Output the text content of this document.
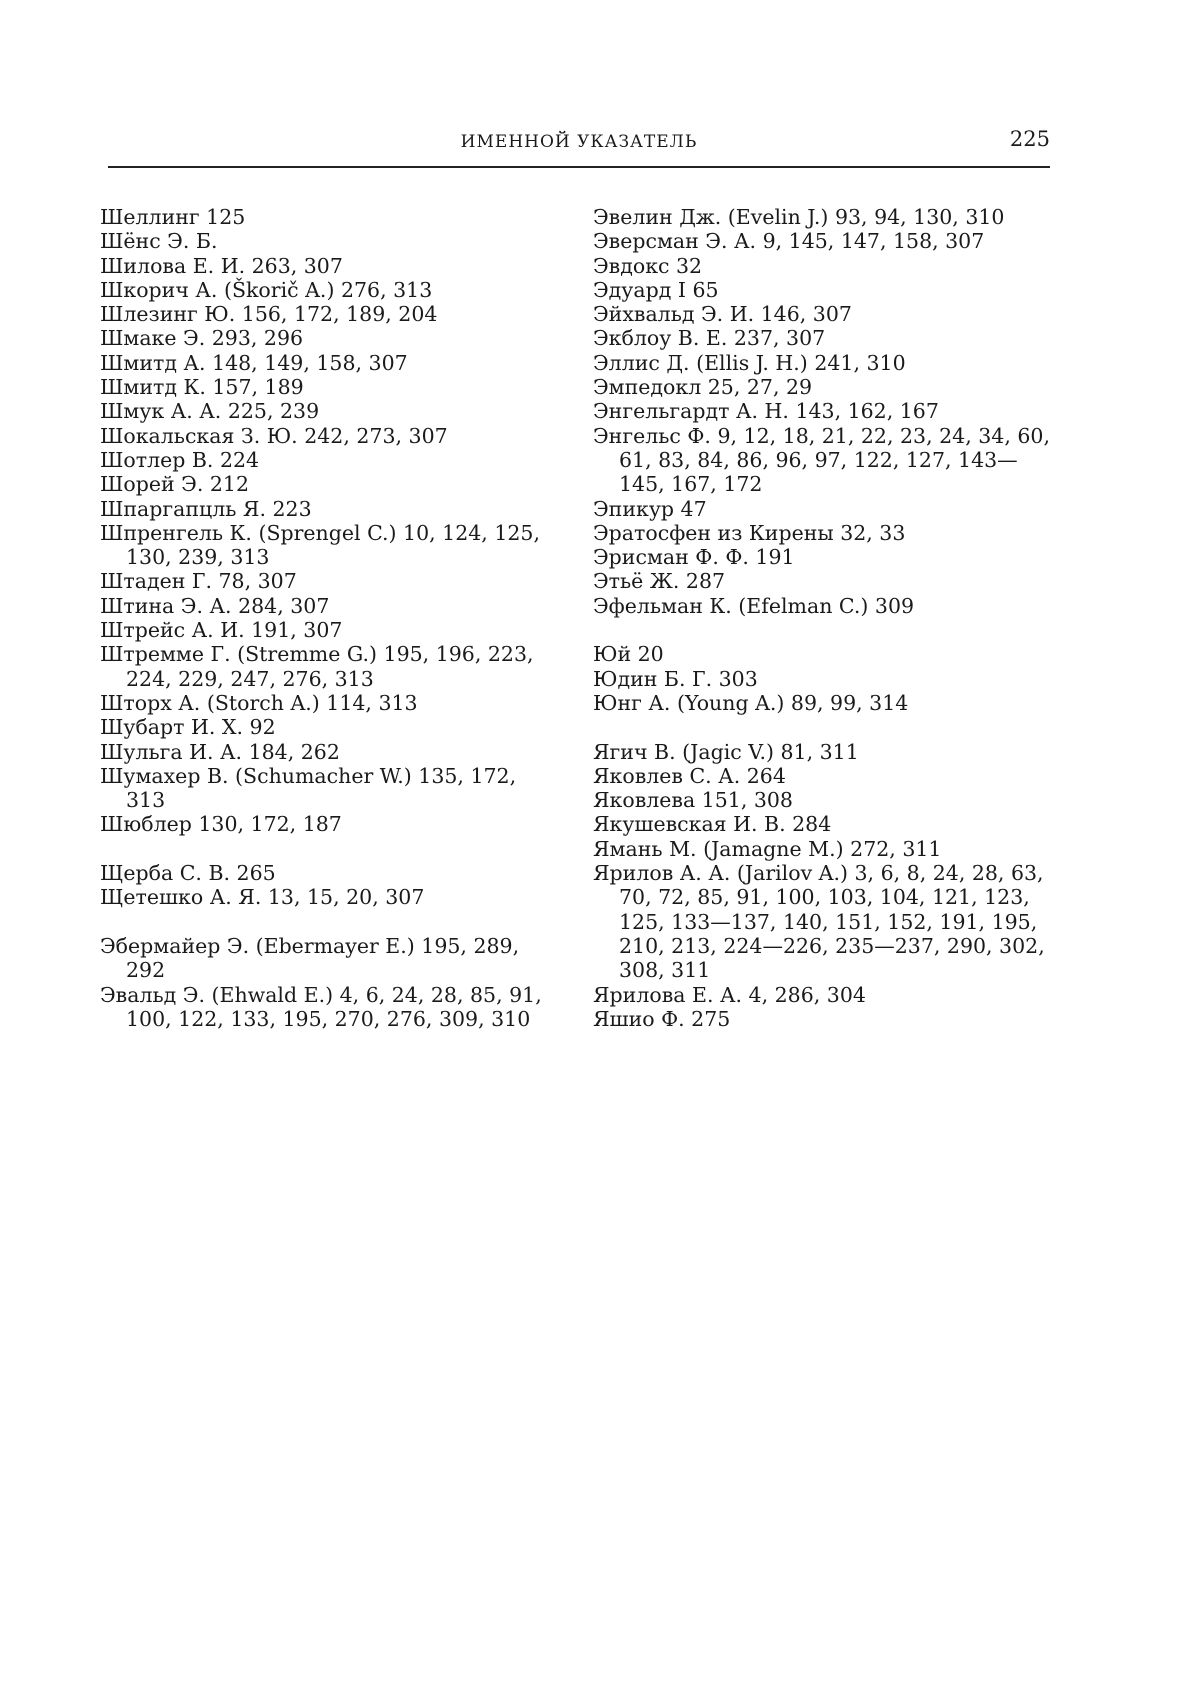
ИМЕННОЙ УКАЗАТЕЛЬ	225
Шеллинг 125
Шёнс Э. Б.
Шилова Е. И. 263, 307
Шкорич А. (Škorič A.) 276, 313
Шлезинг Ю. 156, 172, 189, 204
Шмаке Э. 293, 296
Шмитд А. 148, 149, 158, 307
Шмитд К. 157, 189
Шмук А. А. 225, 239
Шокальская З. Ю. 242, 273, 307
Шотлер В. 224
Шорей Э. 212
Шпаргапцль Я. 223
Шпренгель К. (Sprengel C.) 10, 124, 125, 130, 239, 313
Штаден Г. 78, 307
Штина Э. А. 284, 307
Штрейс А. И. 191, 307
Штремме Г. (Stremme G.) 195, 196, 223, 224, 229, 247, 276, 313
Шторх А. (Storch A.) 114, 313
Шубарт И. Х. 92
Шульга И. А. 184, 262
Шумахер В. (Schumacher W.) 135, 172, 313
Шюблер 130, 172, 187
Щерба С. В. 265
Щетешко А. Я. 13, 15, 20, 307
Эбермайер Э. (Ebermayer E.) 195, 289, 292
Эвальд Э. (Ehwald E.) 4, 6, 24, 28, 85, 91, 100, 122, 133, 195, 270, 276, 309, 310
Эвелин Дж. (Evelin J.) 93, 94, 130, 310
Эверсман Э. А. 9, 145, 147, 158, 307
Эвдокс 32
Эдуард I 65
Эйхвальд Э. И. 146, 307
Экблоу В. Е. 237, 307
Эллис Д. (Ellis J. H.) 241, 310
Эмпедокл 25, 27, 29
Энгельгардт А. Н. 143, 162, 167
Энгельс Ф. 9, 12, 18, 21, 22, 23, 24, 34, 60, 61, 83, 84, 86, 96, 97, 122, 127, 143—145, 167, 172
Эпикур 47
Эратосфен из Кирены 32, 33
Эрисман Ф. Ф. 191
Этьё Ж. 287
Эфельман К. (Efelman C.) 309
Юй 20
Юдин Б. Г. 303
Юнг А. (Young A.) 89, 99, 314
Ягич В. (Jagic V.) 81, 311
Яковлев С. А. 264
Яковлева 151, 308
Якушевская И. В. 284
Ямань М. (Jamagne M.) 272, 311
Ярилов А. А. (Jarilov A.) 3, 6, 8, 24, 28, 63, 70, 72, 85, 91, 100, 103, 104, 121, 123, 125, 133—137, 140, 151, 152, 191, 195, 210, 213, 224—226, 235—237, 290, 302, 308, 311
Ярилова Е. А. 4, 286, 304
Яшио Ф. 275
